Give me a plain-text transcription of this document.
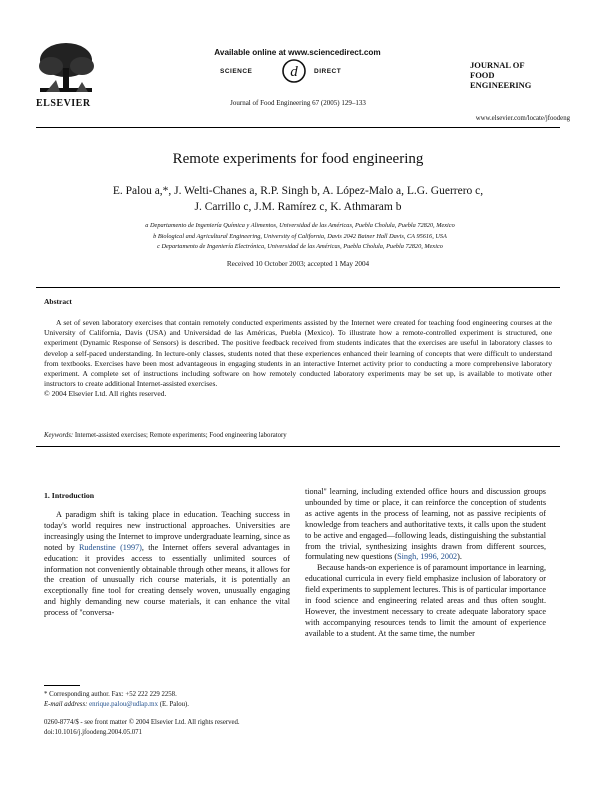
ELSEVIER
Available online at www.sciencedirect.com
SCIENCE	d	DIRECT
Journal of Food Engineering 67 (2005) 129–133
JOURNAL OF
FOOD
ENGINEERING
www.elsevier.com/locate/jfoodeng
Remote experiments for food engineering
E. Palou a,*, J. Welti-Chanes a, R.P. Singh b, A. López-Malo a, L.G. Guerrero c,
J. Carrillo c, J.M. Ramírez c, K. Athmaram b
a Departamento de Ingeniería Química y Alimentos, Universidad de las Américas, Puebla Cholula, Puebla 72820, Mexico
b Biological and Agricultural Engineering, University of California, Davis 2042 Bainer Hall Davis, CA 95616, USA
c Departamento de Ingeniería Electrónica, Universidad de las Américas, Puebla Cholula, Puebla 72820, Mexico
Received 10 October 2003; accepted 1 May 2004
Abstract
A set of seven laboratory exercises that contain remotely conducted experiments assisted by the Internet were created for teaching food engineering courses at the University of California, Davis (USA) and Universidad de las Américas, Puebla (Mexico). To illustrate how a remote-controlled experiment is structured, one experiment (Dynamic Response of Sensors) is described. The positive feedback received from students indicates that the exercises are useful in laboratory classes to develop a self-paced understanding. In lecture-only classes, students noted that these experiences enhanced their learning of concepts that were difficult to understand from textbooks. Exercises have been most advantageous in engaging students in an interactive Internet activity prior to conducting a more comprehensive laboratory experiment. A complete set of instructions including software on how remotely conducted laboratory experiments may be set up, is available to motivate other instructors to create additional Internet-assisted exercises.
© 2004 Elsevier Ltd. All rights reserved.
Keywords: Internet-assisted exercises; Remote experiments; Food engineering laboratory
1. Introduction

A paradigm shift is taking place in education. Teaching success in today's world requires new instructional approaches. Universities are increasingly using the Internet to improve undergraduate learning, since as noted by Rudenstine (1997), the Internet offers several advantages in education: it provides access to essentially unlimited sources of information not conveniently obtainable through other means, it allows for the creation of unusually rich course materials, it is potentially an exceptionally fine tool for creating densely woven, unusually engaging and highly demanding new course materials, it can enhance the vital process of ''conversa-

tional'' learning, including extended office hours and discussion groups unbounded by time or place, it can reinforce the conception of students as active agents in the process of learning, not as passive recipients of knowledge from teachers and authoritative texts, it calls upon the student to be active and engaged—following leads, distinguishing the substantial from the trivial, synthesizing insights drawn from different sources, formulating new questions (Singh, 1996, 2002).

Because hands-on experience is of paramount importance in learning, educational curricula in every field emphasize inclusion of laboratory or field experiments to supplement lectures. This is of particular importance in food science and engineering related areas and thus often sought. However, the investment necessary to create adequate laboratory space with accompanying resources tends to limit the amount of experience available to a student. At the same time, the number

* Corresponding author. Fax: +52 222 229 2258.
E-mail address: enrique.palou@udlap.mx (E. Palou).
0260-8774/$ - see front matter © 2004 Elsevier Ltd. All rights reserved.
doi:10.1016/j.jfoodeng.2004.05.071
